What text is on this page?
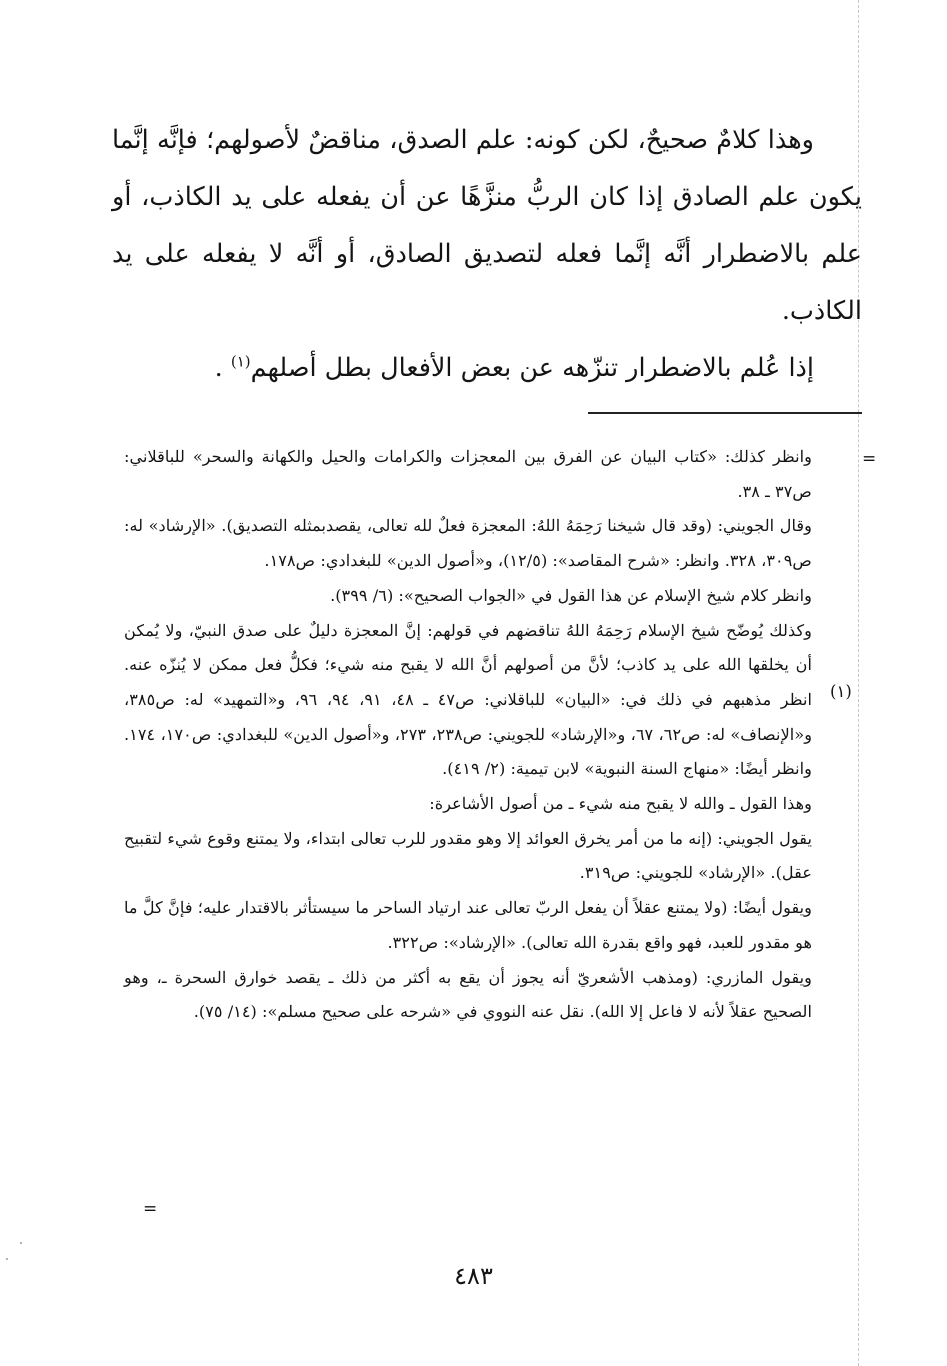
وهذا كلامٌ صحيحٌ، لكن كونه: علم الصدق، مناقضٌ لأصولهم؛ فإنَّه إنَّما يكون علم الصادق إذا كان الربُّ منزَّهًا عن أن يفعله على يد الكاذب، أو علم بالاضطرار أنَّه إنَّما فعله لتصديق الصادق، أو أنَّه لا يفعله على يد الكاذب.

إذا عُلم بالاضطرار تنزّهه عن بعض الأفعال بطل أصلهم$^{(١)}$ .

=

وانظر كذلك: «كتاب البيان عن الفرق بين المعجزات والكرامات والحيل والكهانة والسحر» للباقلاني: ص٣٧ ـ ٣٨.

وقال الجويني: (وقد قال شيخنا رَحِمَهُ اللهُ: المعجزة فعلٌ لله تعالى، يقصدبمثله التصديق). «الإرشاد» له: ص٣٠٩، ٣٢٨. وانظر: «شرح المقاصد»: (١٢/٥)، و«أصول الدين» للبغدادي: ص١٧٨.

وانظر كلام شيخ الإسلام عن هذا القول في «الجواب الصحيح»: (٦/ ٣٩٩).

وكذلك يُوضّح شيخ الإسلام رَحِمَهُ اللهُ تناقضهم في قولهم: إنَّ المعجزة دليلٌ على صدق النبيّ، ولا يُمكن أن يخلقها الله على يد كاذب؛ لأنَّ من أصولهم أنَّ الله لا يقبح منه شيء؛ فكلُّ فعل ممكن لا يُنزّه عنه. انظر مذهبهم في ذلك في: «البيان» للباقلاني: ص٤٧ ـ ٤٨، ٩١، ٩٤، ٩٦، و«التمهيد» له: ص٣٨٥، و«الإنصاف» له: ص٦٢، ٦٧، و«الإرشاد» للجويني: ص٢٣٨، ٢٧٣، و«أصول الدين» للبغدادي: ص١٧٠، ١٧٤. وانظر أيضًا: «منهاج السنة النبوية» لابن تيمية: (٢/ ٤١٩).

وهذا القول ـ والله لا يقبح منه شيء ـ من أصول الأشاعرة:

يقول الجويني: (إنه ما من أمر يخرق العوائد إلا وهو مقدور للرب تعالى ابتداء، ولا يمتنع وقوع شيء لتقبيح عقل). «الإرشاد» للجويني: ص٣١٩.

ويقول أيضًا: (ولا يمتنع عقلاً أن يفعل الربّ تعالى عند ارتياد الساحر ما سيستأثر بالاقتدار عليه؛ فإنَّ كلَّ ما هو مقدور للعبد، فهو واقع بقدرة الله تعالى). «الإرشاد»: ص٣٢٢.

ويقول المازري: (ومذهب الأشعريّ أنه يجوز أن يقع به أكثر من ذلك ـ يقصد خوارق السحرة ـ، وهو الصحيح عقلاً لأنه لا فاعل إلا الله). نقل عنه النووي في «شرحه على صحيح مسلم»: (١٤/ ٧٥).

(١)
=
٤٨٣
